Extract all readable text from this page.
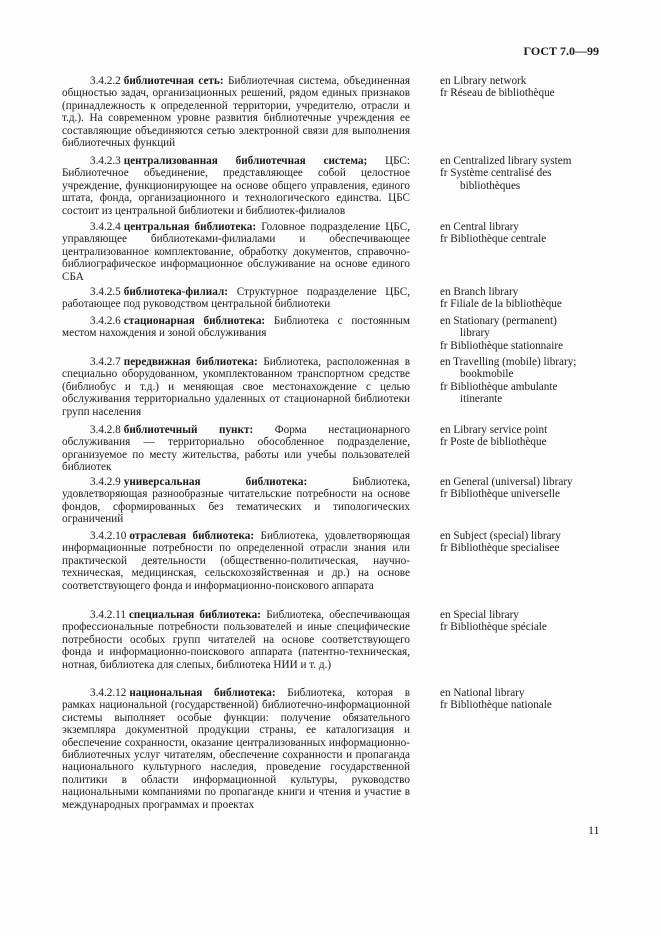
ГОСТ 7.0—99

3.4.2.2 библиотечная сеть: Библиотечная система, объединенная общностью задач, организационных решений, рядом единых признаков (принадлежность к определенной территории, учредителю, отрасли и т.д.). На современном уровне развития библиотечные учреждения ее составляющие объединяются сетью электронной связи для выполнения библиотечных функций

en Library network
fr Réseau de bibliothèque

3.4.2.3 централизованная библиотечная система; ЦБС: Библиотечное объединение, представляющее собой целостное учреждение, функционирующее на основе общего управления, единого штата, фонда, организационного и технологического единства. ЦБС состоит из центральной библиотеки и библиотек-филиалов

en Centralized library system
fr Système centralisé des
bibliothèques

3.4.2.4 центральная библиотека: Головное подразделение ЦБС, управляющее библиотеками-филиалами и обеспечивающее централизованное комплектование, обработку документов, справочно-библиографическое информационное обслуживание на основе единого СБА

en Central library
fr Bibliothèque centrale

3.4.2.5 библиотека-филиал: Структурное подразделение ЦБС, работающее под руководством центральной библиотеки

en Branch library
fr Filiale de la bibliothèque

3.4.2.6 стационарная библиотека: Библиотека с постоянным местом нахождения и зоной обслуживания

en Stationary (permanent)
library
fr Bibliothèque stationnaire

3.4.2.7 передвижная библиотека: Библиотека, расположенная в специально оборудованном, укомплектованном транспортном средстве (библиобус и т.д.) и меняющая свое местонахождение с целью обслуживания территориально удаленных от стационарной библиотеки групп населения

en Travelling (mobile) library;
bookmobile
fr Bibliothèque ambulante
itinerante

3.4.2.8 библиотечный пункт: Форма нестационарного обслуживания — территориально обособленное подразделение, организуемое по месту жительства, работы или учебы пользователей библиотек

en Library service point
fr Poste de bibliothèque

3.4.2.9 универсальная библиотека:	Библиотека, удовлетворяющая разнообразные читательские потребности на основе фондов, сформированных без тематических и типологических ограничений

en General (universal) library
fr Bibliothèque universelle

3.4.2.10 отраслевая библиотека: Библиотека, удовлетворяющая информационные потребности по определенной отрасли знания или практической деятельности (общественно-политическая, научно-техническая, медицинская, сельскохозяйственная и др.) на основе соответствующего фонда и информационно-поискового аппарата

en Subject (special) library
fr Bibliothèque specialisee

3.4.2.11 специальная библиотека: Библиотека, обеспечивающая профессиональные потребности пользователей и иные специфические потребности особых групп читателей на основе соответствующего фонда и информационно-поискового аппарата (патентно-техническая, нотная, библиотека для слепых, библиотека НИИ и т. д.)

en Special library
fr Bibliothèque spéciale

3.4.2.12 национальная библиотека: Библиотека, которая в рамках национальной (государственной) библиотечно-информационной системы выполняет особые функции: получение обязательного экземпляра документной продукции страны, ее каталогизация и обеспечение сохранности, оказание централизованных информационно-библиотечных услуг читателям, обеспечение сохранности и пропаганда национального культурного наследия, проведение государственной политики в области информационной культуры, руководство национальными компаниями по пропаганде книги и чтения и участие в международных программах и проектах

en National library
fr Bibliothèque nationale
11
